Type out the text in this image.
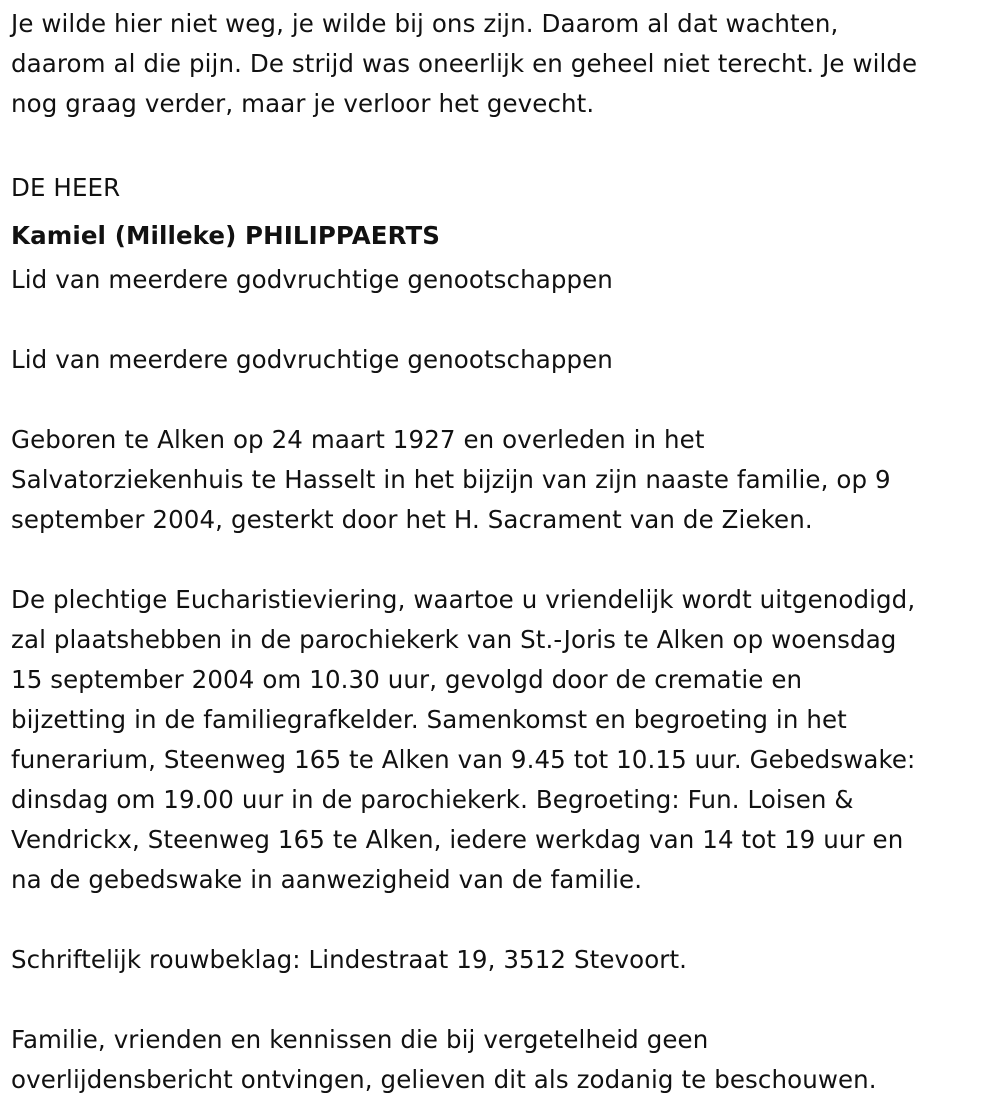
Je wilde hier niet weg, je wilde bij ons zijn. Daarom al dat wachten,
daarom al die pijn. De strijd was oneerlijk en geheel niet terecht. Je wilde
nog graag verder, maar je verloor het gevecht.
DE HEER
Kamiel (Milleke) PHILIPPAERTS
Lid van meerdere godvruchtige genootschappen
Lid van meerdere godvruchtige genootschappen
Geboren te Alken op 24 maart 1927 en overleden in het
Salvatorziekenhuis te Hasselt in het bijzijn van zijn naaste familie, op 9
september 2004, gesterkt door het H. Sacrament van de Zieken.
De plechtige Eucharistieviering, waartoe u vriendelijk wordt uitgenodigd,
zal plaatshebben in de parochiekerk van St.-Joris te Alken op woensdag
15 september 2004 om 10.30 uur, gevolgd door de crematie en
bijzetting in de familiegrafkelder. Samenkomst en begroeting in het
funerarium, Steenweg 165 te Alken van 9.45 tot 10.15 uur. Gebedswake:
dinsdag om 19.00 uur in de parochiekerk. Begroeting: Fun. Loisen &
Vendrickx, Steenweg 165 te Alken, iedere werkdag van 14 tot 19 uur en
na de gebedswake in aanwezigheid van de familie.
Schriftelijk rouwbeklag: Lindestraat 19, 3512 Stevoort.
Familie, vrienden en kennissen die bij vergetelheid geen
overlijdensbericht ontvingen, gelieven dit als zodanig te beschouwen.
